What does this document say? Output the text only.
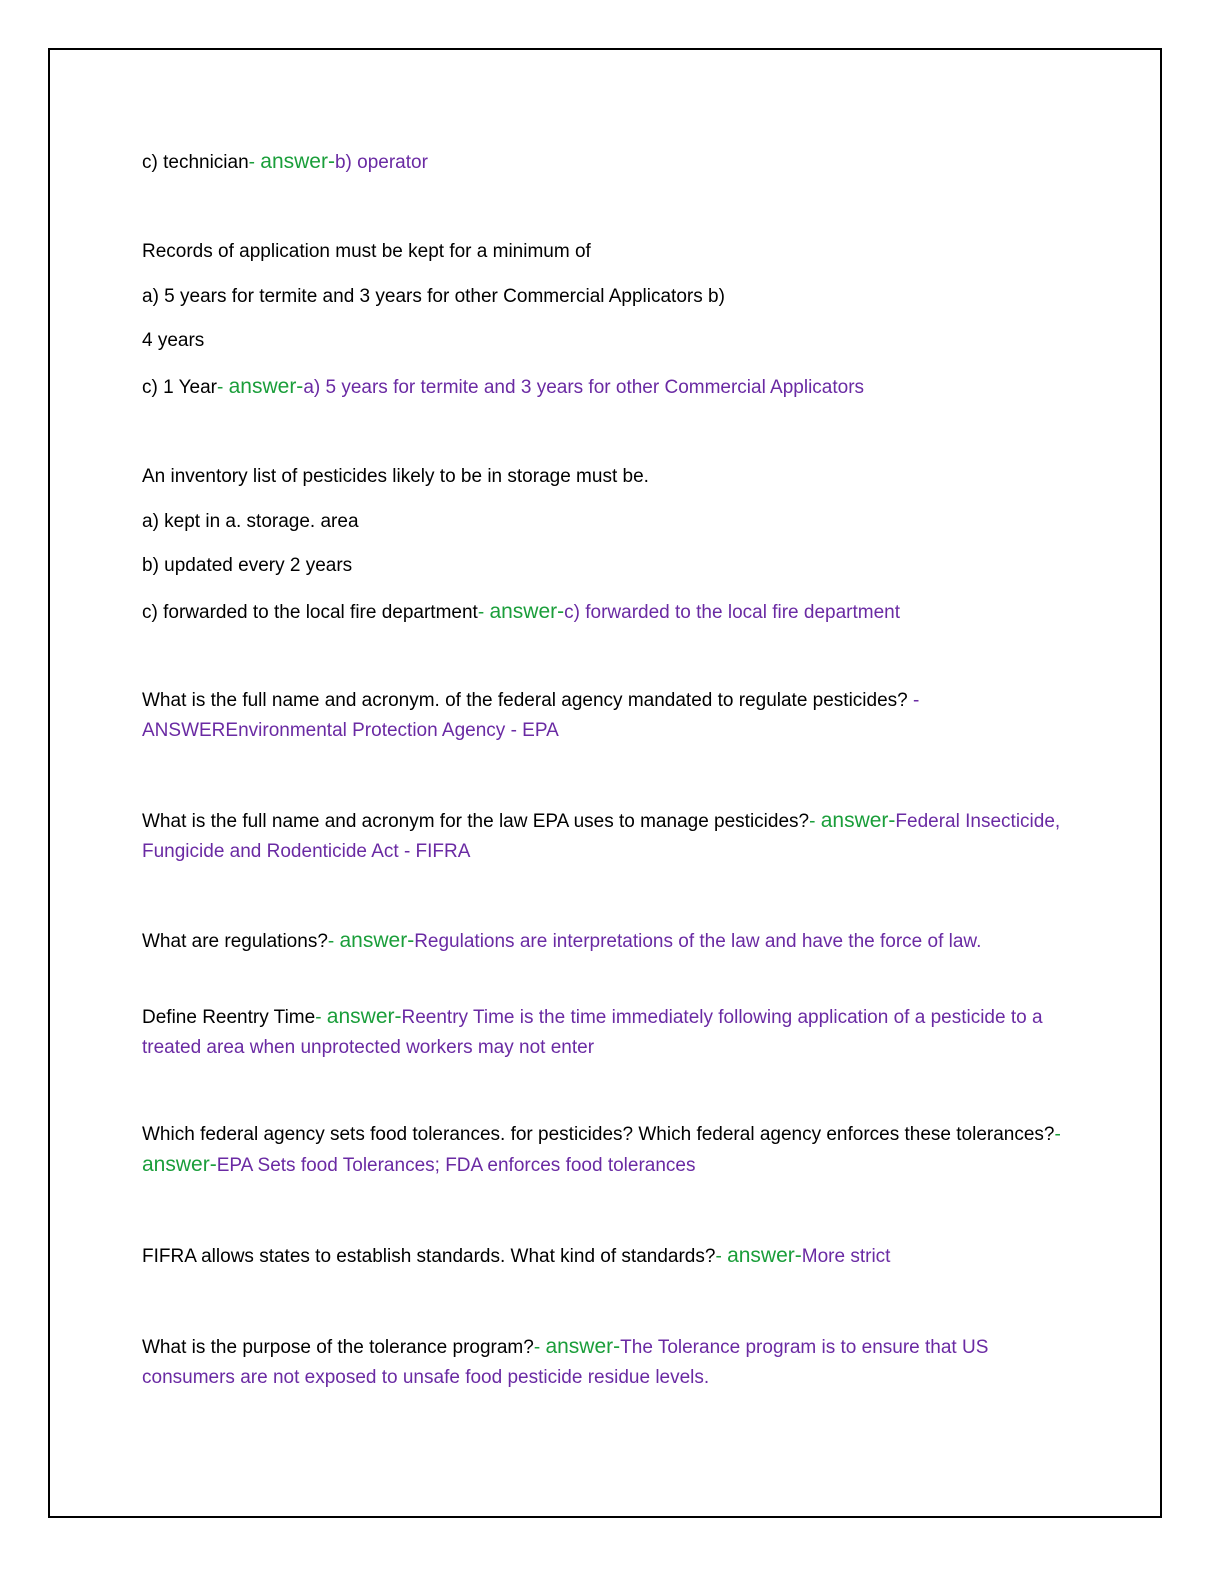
c) technician- answer-b) operator
Records of application must be kept for a minimum of
a) 5 years for termite and 3 years for other Commercial Applicators b)
4 years
c) 1 Year- answer-a) 5 years for termite and 3 years for other Commercial Applicators
An inventory list of pesticides likely to be in storage must be.
a) kept in a. storage. area
b) updated every 2 years
c) forwarded to the local fire department- answer-c) forwarded to the local fire department
What is the full name and acronym. of the federal agency mandated to regulate pesticides? -
ANSWEREnvironmental Protection Agency - EPA
What is the full name and acronym for the law EPA uses to manage pesticides?- answer-Federal Insecticide, Fungicide and Rodenticide Act - FIFRA
What are regulations?- answer-Regulations are interpretations of the law and have the force of law.
Define Reentry Time- answer-Reentry Time is the time immediately following application of a pesticide to a treated area when unprotected workers may not enter
Which federal agency sets food tolerances. for pesticides? Which federal agency enforces these tolerances?- answer-EPA Sets food Tolerances; FDA enforces food tolerances
FIFRA allows states to establish standards. What kind of standards?- answer-More strict
What is the purpose of the tolerance program?- answer-The Tolerance program is to ensure that US consumers are not exposed to unsafe food pesticide residue levels.
